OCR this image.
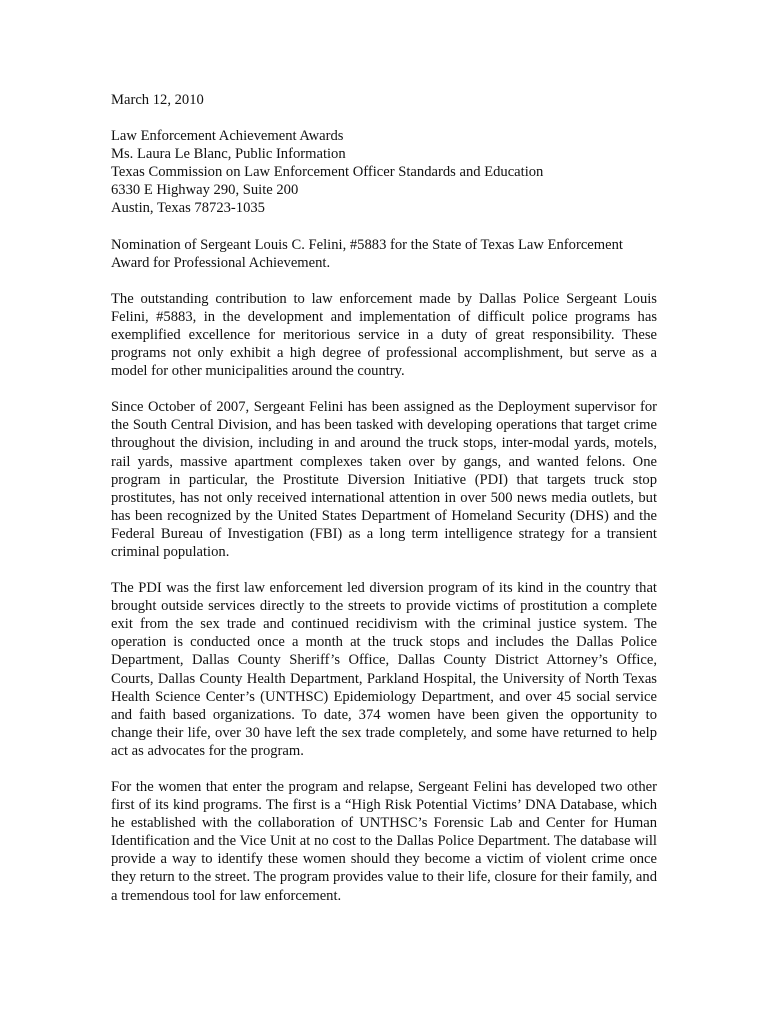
March 12, 2010
Law Enforcement Achievement Awards
Ms. Laura Le Blanc, Public Information
Texas Commission on Law Enforcement Officer Standards and Education
6330 E Highway 290, Suite 200
Austin, Texas 78723-1035
Nomination of Sergeant Louis C. Felini, #5883 for the State of Texas Law Enforcement Award for Professional Achievement.

The outstanding contribution to law enforcement made by Dallas Police Sergeant Louis Felini, #5883, in the development and implementation of difficult police programs has exemplified excellence for meritorious service in a duty of great responsibility. These programs not only exhibit a high degree of professional accomplishment, but serve as a model for other municipalities around the country.

Since October of 2007, Sergeant Felini has been assigned as the Deployment supervisor for the South Central Division, and has been tasked with developing operations that target crime throughout the division, including in and around the truck stops, inter-modal yards, motels, rail yards, massive apartment complexes taken over by gangs, and wanted felons. One program in particular, the Prostitute Diversion Initiative (PDI) that targets truck stop prostitutes, has not only received international attention in over 500 news media outlets, but has been recognized by the United States Department of Homeland Security (DHS) and the Federal Bureau of Investigation (FBI) as a long term intelligence strategy for a transient criminal population.

The PDI was the first law enforcement led diversion program of its kind in the country that brought outside services directly to the streets to provide victims of prostitution a complete exit from the sex trade and continued recidivism with the criminal justice system. The operation is conducted once a month at the truck stops and includes the Dallas Police Department, Dallas County Sheriff’s Office, Dallas County District Attorney’s Office, Courts, Dallas County Health Department, Parkland Hospital, the University of North Texas Health Science Center’s (UNTHSC) Epidemiology Department, and over 45 social service and faith based organizations. To date, 374 women have been given the opportunity to change their life, over 30 have left the sex trade completely, and some have returned to help act as advocates for the program.

For the women that enter the program and relapse, Sergeant Felini has developed two other first of its kind programs. The first is a “High Risk Potential Victims’ DNA Database, which he established with the collaboration of UNTHSC’s Forensic Lab and Center for Human Identification and the Vice Unit at no cost to the Dallas Police Department. The database will provide a way to identify these women should they become a victim of violent crime once they return to the street. The program provides value to their life, closure for their family, and a tremendous tool for law enforcement.
